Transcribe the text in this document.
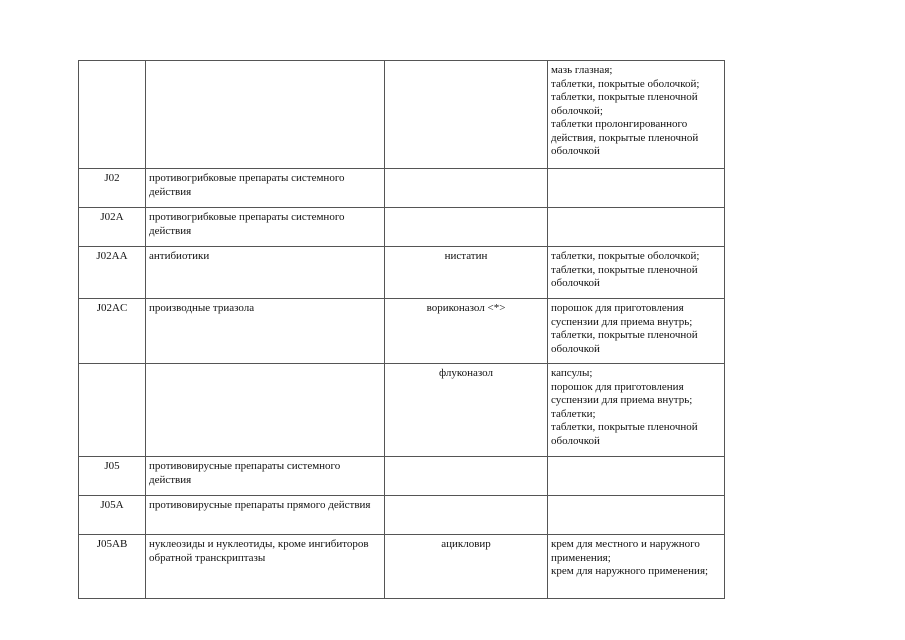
			мазь глазная;
таблетки, покрытые оболочкой;
таблетки, покрытые пленочной оболочкой;
таблетки пролонгированного действия, покрытые пленочной оболочкой

J02	противогрибковые препараты системного действия		
J02A	противогрибковые препараты системного действия		
J02AA	антибиотики	нистатин	таблетки, покрытые оболочкой;
таблетки, покрытые пленочной оболочкой

J02AC	производные триазола	вориконазол <*>	порошок для приготовления суспензии для приема внутрь;
таблетки, покрытые пленочной оболочкой

		флуконазол	капсулы;
порошок для приготовления суспензии для приема внутрь;
таблетки;
таблетки, покрытые пленочной оболочкой

J05	противовирусные препараты системного действия		
J05A	противовирусные препараты прямого действия		
J05AB	нуклеозиды и нуклеотиды, кроме ингибиторов обратной транскриптазы	ацикловир	крем для местного и наружного применения;
крем для наружного применения;
